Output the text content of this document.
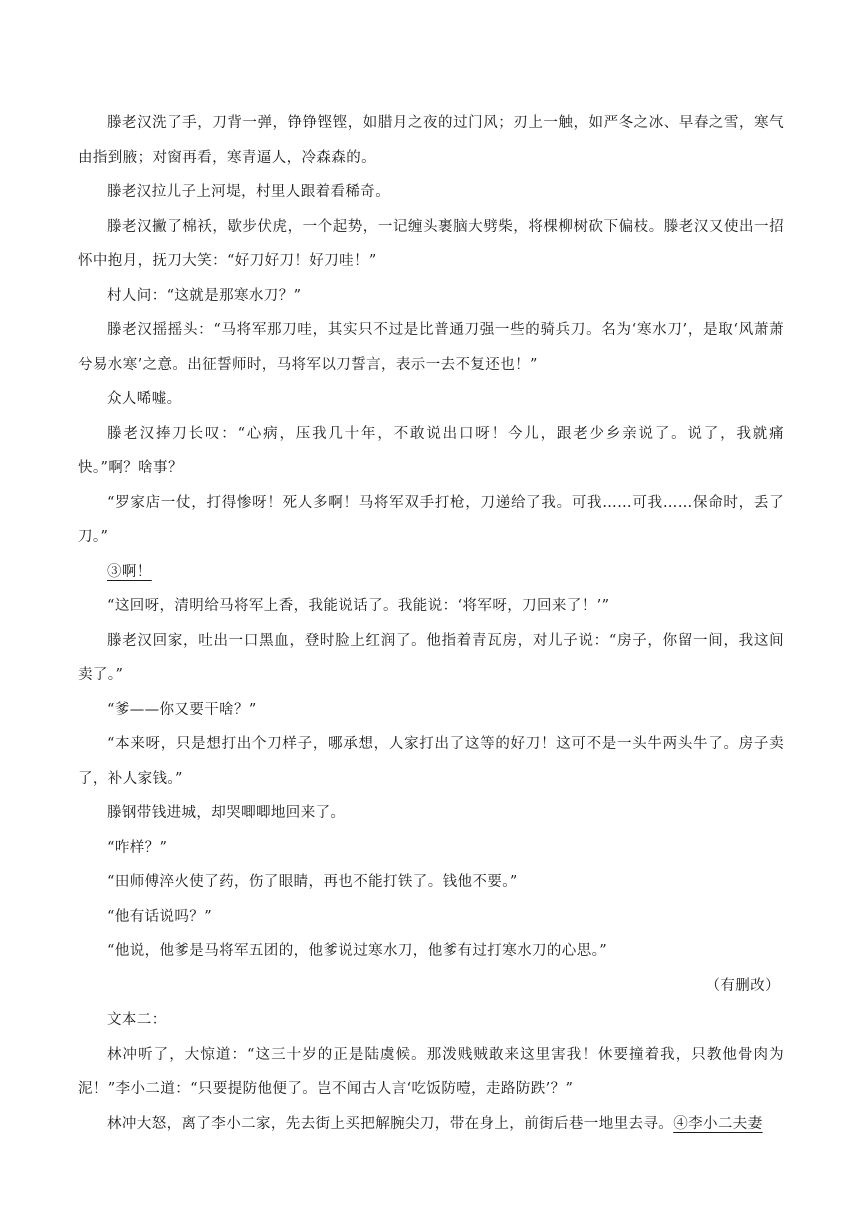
滕老汉洗了手，刀背一弹，铮铮铿铿，如腊月之夜的过门风；刃上一触，如严冬之冰、早春之雪，寒气由指到腋；对窗再看，寒青逼人，冷森森的。

滕老汉拉儿子上河堤，村里人跟着看稀奇。

滕老汉撇了棉袄，歇步伏虎，一个起势，一记缠头裹脑大劈柴，将棵柳树砍下偏枝。滕老汉又使出一招怀中抱月，抚刀大笑：“好刀好刀！好刀哇！”

村人问：“这就是那寒水刀？”

滕老汉摇摇头：“马将军那刀哇，其实只不过是比普通刀强一些的骑兵刀。名为‘寒水刀’，是取‘风萧萧兮易水寒’之意。出征誓师时，马将军以刀誓言，表示一去不复还也！”

众人唏嘘。

滕老汉捧刀长叹：“心病，压我几十年，不敢说出口呀！今儿，跟老少乡亲说了。说了，我就痛快。”啊？啥事？

“罗家店一仗，打得惨呀！死人多啊！马将军双手打枪，刀递给了我。可我……可我……保命时，丢了刀。”

③啊！

“这回呀，清明给马将军上香，我能说话了。我能说：‘将军呀，刀回来了！’”

滕老汉回家，吐出一口黑血，登时脸上红润了。他指着青瓦房，对儿子说：“房子，你留一间，我这间卖了。”

“爹——你又要干啥？”

“本来呀，只是想打出个刀样子，哪承想，人家打出了这等的好刀！这可不是一头牛两头牛了。房子卖了，补人家钱。”

滕钢带钱进城，却哭唧唧地回来了。

“咋样？”

“田师傅淬火使了药，伤了眼睛，再也不能打铁了。钱他不要。”

“他有话说吗？”

“他说，他爹是马将军五团的，他爹说过寒水刀，他爹有过打寒水刀的心思。”

（有删改）

文本二：

林冲听了，大惊道：“这三十岁的正是陆虞候。那泼贱贼敢来这里害我！休要撞着我，只教他骨肉为泥！”李小二道：“只要提防他便了。岂不闻古人言‘吃饭防噎，走路防跌’？”

林冲大怒，离了李小二家，先去街上买把解腕尖刀，带在身上，前街后巷一地里去寻。④李小二夫妻
